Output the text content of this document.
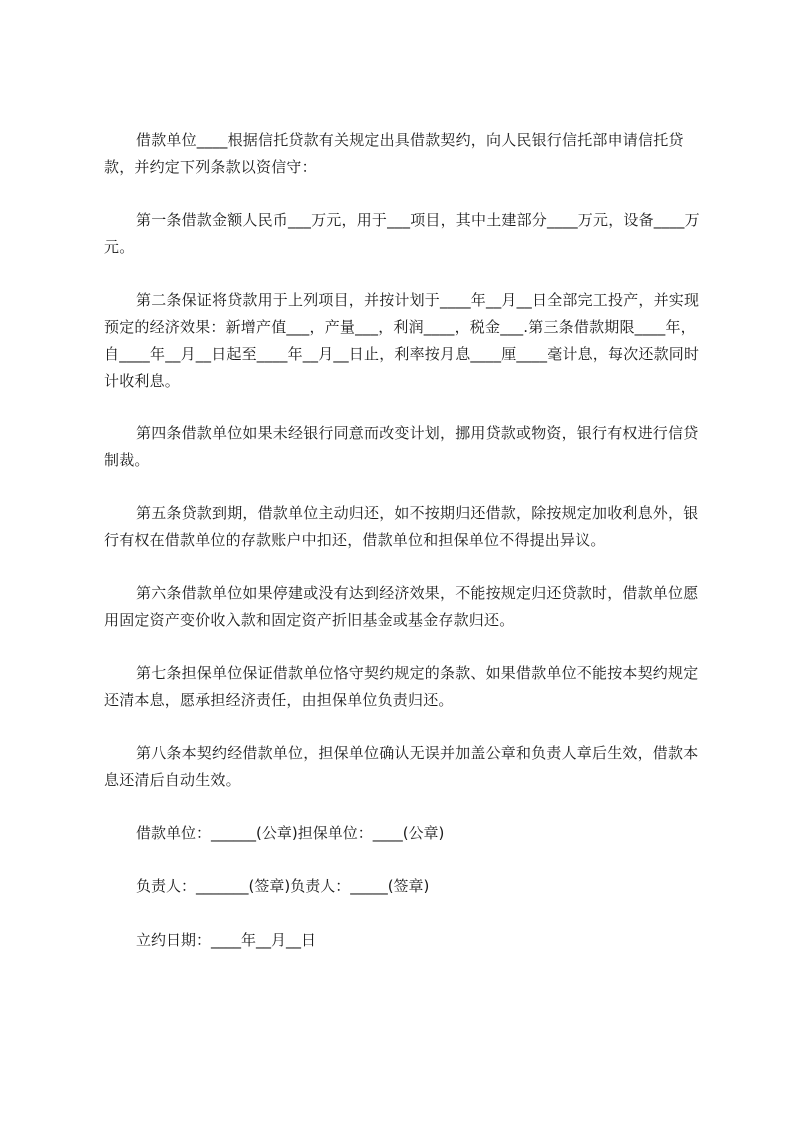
借款单位____根据信托贷款有关规定出具借款契约，向人民银行信托部申请信托贷款，并约定下列条款以资信守：

第一条借款金额人民币___万元，用于___项目，其中土建部分____万元，设备____万元。

第二条保证将贷款用于上列项目，并按计划于____年__月__日全部完工投产，并实现预定的经济效果：新增产值___，产量___，利润____，税金___.第三条借款期限____年，自____年__月__日起至____年__月__日止，利率按月息____厘____毫计息，每次还款同时计收利息。

第四条借款单位如果未经银行同意而改变计划，挪用贷款或物资，银行有权进行信贷制裁。

第五条贷款到期，借款单位主动归还，如不按期归还借款，除按规定加收利息外，银行有权在借款单位的存款账户中扣还，借款单位和担保单位不得提出异议。

第六条借款单位如果停建或没有达到经济效果，不能按规定归还贷款时，借款单位愿用固定资产变价收入款和固定资产折旧基金或基金存款归还。

第七条担保单位保证借款单位恪守契约规定的条款、如果借款单位不能按本契约规定还清本息，愿承担经济责任，由担保单位负责归还。

第八条本契约经借款单位，担保单位确认无误并加盖公章和负责人章后生效，借款本息还清后自动生效。

借款单位：______(公章)担保单位：____(公章)

负责人：_______(签章)负责人：_____(签章)

立约日期：____年__月__日
